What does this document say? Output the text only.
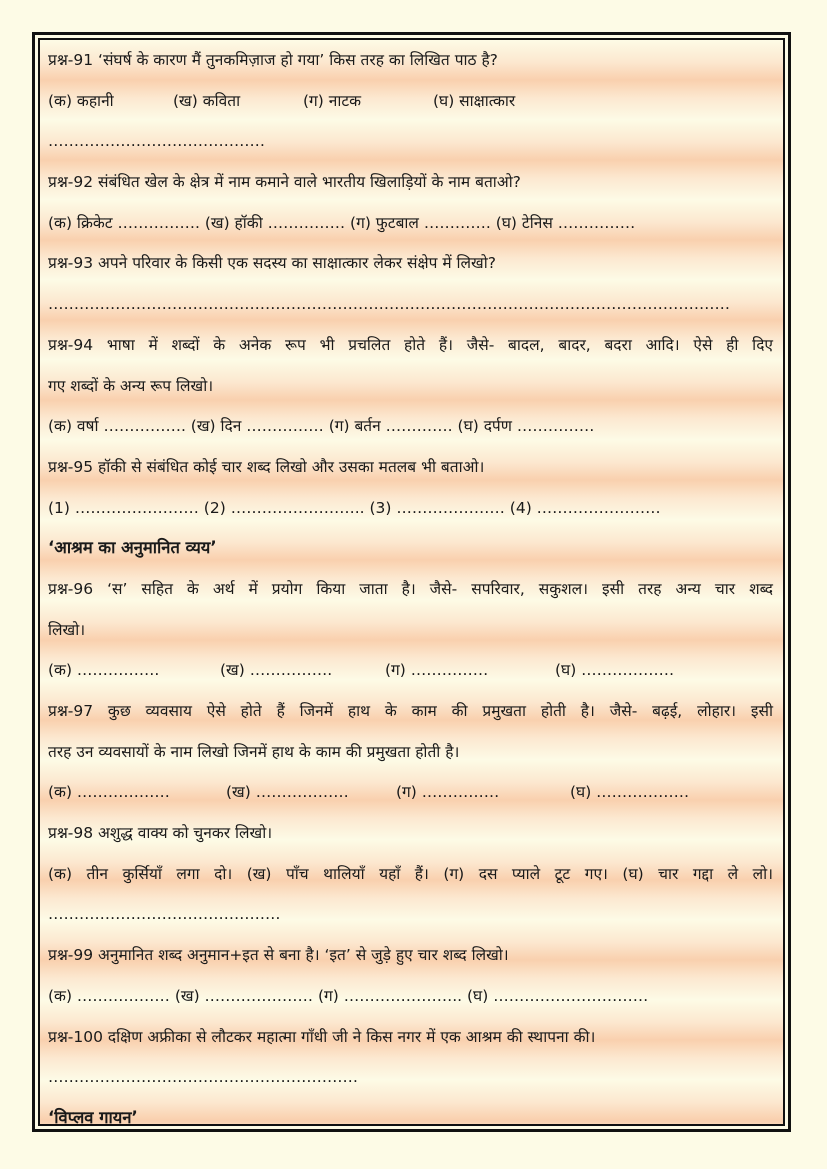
प्रश्न-91 ‘संघर्ष के कारण मैं तुनकमिज़ाज हो गया’ किस तरह का लिखित पाठ है?
(क) कहानी	(ख) कविता	(ग) नाटक	(घ) साक्षात्कार
……………………………………
प्रश्न-92 संबंधित खेल के क्षेत्र में नाम कमाने वाले भारतीय खिलाड़ियों के नाम बताओ?
(क) क्रिकेट ……………. (ख) हॉकी …………… (ग) फुटबाल …………. (घ) टेनिस ……………
प्रश्न-93 अपने परिवार के किसी एक सदस्य का साक्षात्कार लेकर संक्षेप में लिखो?
……………………………………………………………………………………………………………………
प्रश्न-94 भाषा में शब्दों के अनेक रूप भी प्रचलित होते हैं। जैसे- बादल, बादर, बदरा आदि। ऐसे ही दिए
गए शब्दों के अन्य रूप लिखो।
(क) वर्षा ……………. (ख) दिन …………… (ग) बर्तन …………. (घ) दर्पण ……………
प्रश्न-95 हॉकी से संबंधित कोई चार शब्द लिखो और उसका मतलब भी बताओ।
(1) …………………… (2) …………………….. (3) ………………… (4) ……………………
‘आश्रम का अनुमानित व्यय’
प्रश्न-96 ‘स’ सहित के अर्थ में प्रयोग किया जाता है। जैसे- सपरिवार, सकुशल। इसी तरह अन्य चार शब्द
लिखो।
(क) …………….	(ख) …………….	(ग) ……………	(घ) ………………
प्रश्न-97 कुछ व्यवसाय ऐसे होते हैं जिनमें हाथ के काम की प्रमुखता होती है। जैसे- बढ़ई, लोहार। इसी
तरह उन व्यवसायों के नाम लिखो जिनमें हाथ के काम की प्रमुखता होती है।
(क) ………………	(ख) ………………	(ग) ……………	(घ) ………………
प्रश्न-98 अशुद्ध वाक्य को चुनकर लिखो।
(क) तीन कुर्सियाँ लगा दो। (ख) पाँच थालियाँ यहाँ हैं। (ग) दस प्याले टूट गए। (घ) चार गद्दा ले लो।
………………………………………
प्रश्न-99 अनुमानित शब्द अनुमान+इत से बना है। ‘इत’ से जुड़े हुए चार शब्द लिखो।
(क) ……………… (ख) ………………… (ग) ………………….. (घ) …………………………
प्रश्न-100 दक्षिण अफ्रीका से लौटकर महात्मा गाँधी जी ने किस नगर में एक आश्रम की स्थापना की।
……………………………………………………
‘विप्लव गायन’
